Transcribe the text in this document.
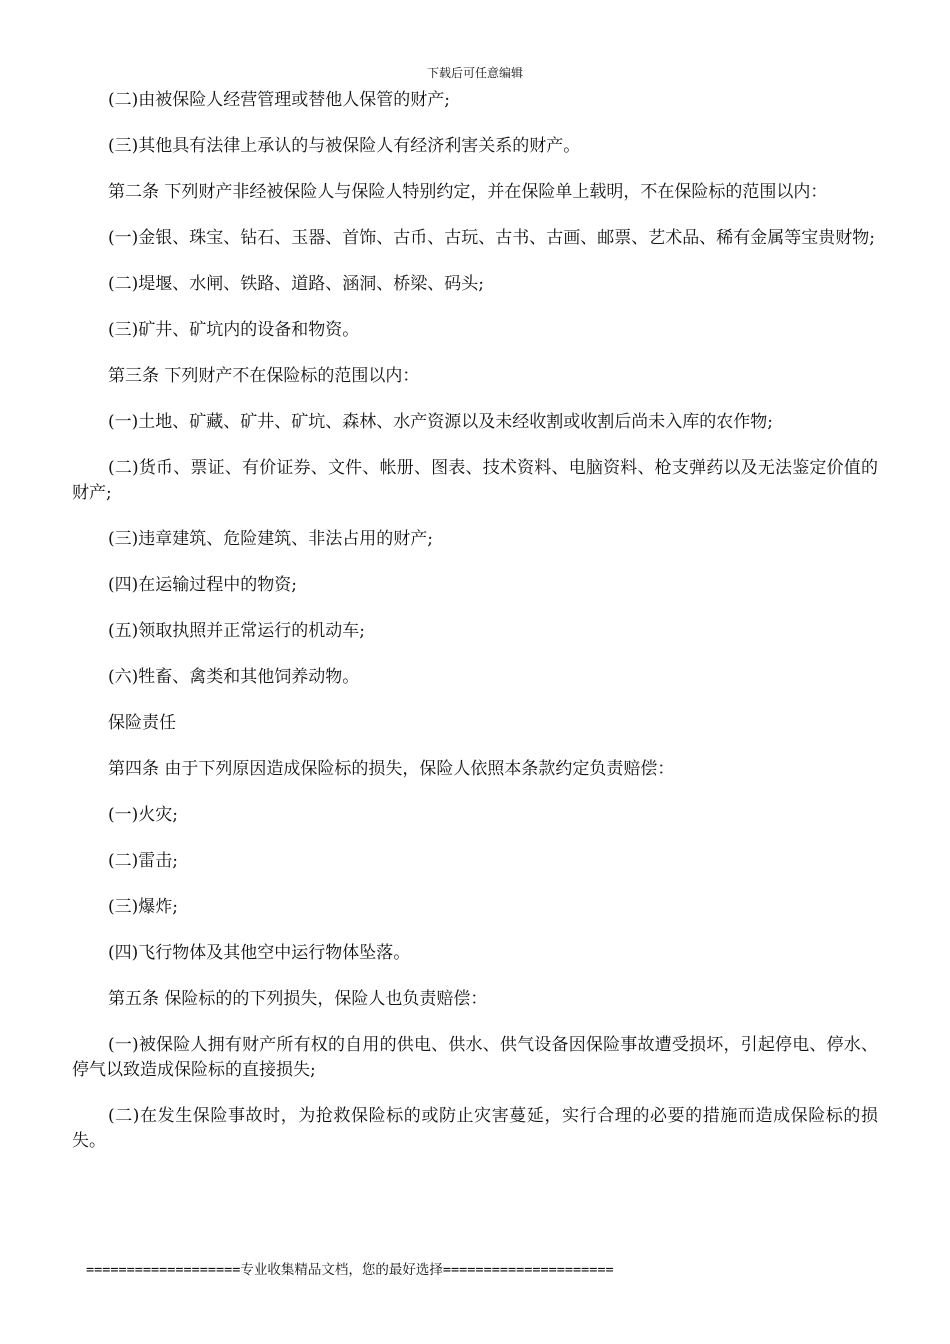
下载后可任意编辑

(二)由被保险人经营管理或替他人保管的财产;

(三)其他具有法律上承认的与被保险人有经济利害关系的财产。

第二条 下列财产非经被保险人与保险人特别约定，并在保险单上载明，不在保险标的范围以内：

(一)金银、珠宝、钻石、玉器、首饰、古币、古玩、古书、古画、邮票、艺术品、稀有金属等宝贵财物;

(二)堤堰、水闸、铁路、道路、涵洞、桥梁、码头;

(三)矿井、矿坑内的设备和物资。

第三条 下列财产不在保险标的范围以内：

(一)土地、矿藏、矿井、矿坑、森林、水产资源以及未经收割或收割后尚未入库的农作物;

(二)货币、票证、有价证券、文件、帐册、图表、技术资料、电脑资料、枪支弹药以及无法鉴定价值的财产;

(三)违章建筑、危险建筑、非法占用的财产;

(四)在运输过程中的物资;

(五)领取执照并正常运行的机动车;

(六)牲畜、禽类和其他饲养动物。

保险责任

第四条 由于下列原因造成保险标的损失，保险人依照本条款约定负责赔偿：

(一)火灾;

(二)雷击;

(三)爆炸;

(四)飞行物体及其他空中运行物体坠落。

第五条 保险标的的下列损失，保险人也负责赔偿：

(一)被保险人拥有财产所有权的自用的供电、供水、供气设备因保险事故遭受损坏，引起停电、停水、停气以致造成保险标的直接损失;

(二)在发生保险事故时，为抢救保险标的或防止灾害蔓延，实行合理的必要的措施而造成保险标的损失。

===================专业收集精品文档，您的最好选择=====================
